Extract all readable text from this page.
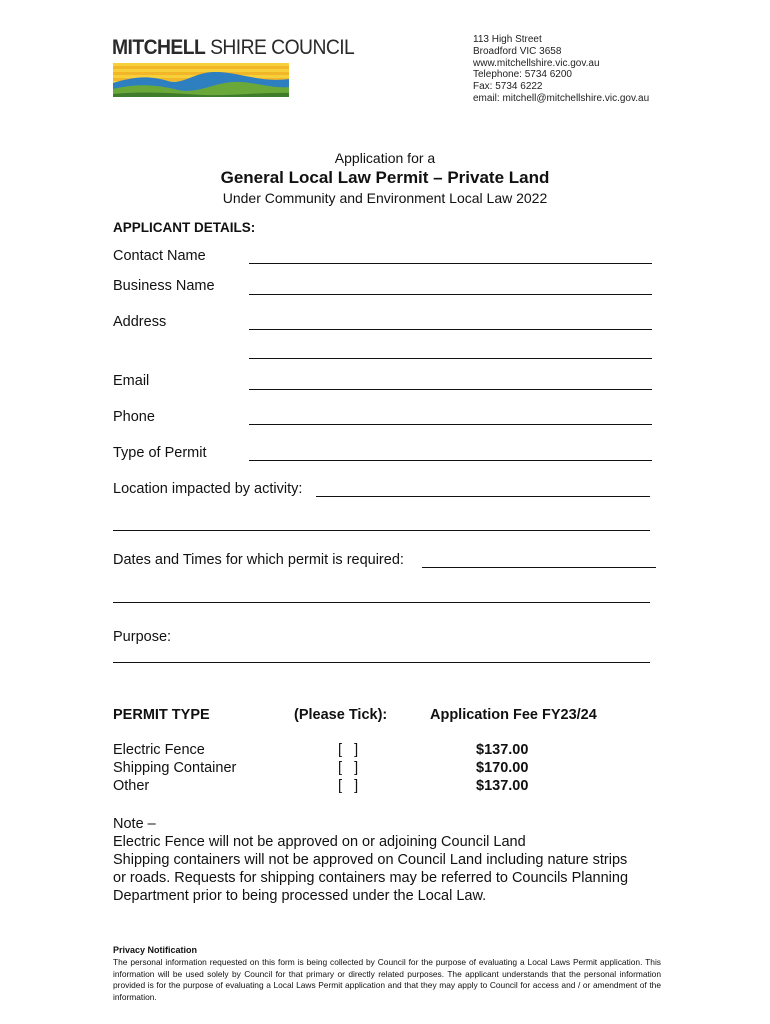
MITCHELL SHIRE COUNCIL	113 High Street
Broadford VIC 3658
www.mitchellshire.vic.gov.au
Telephone: 5734 6200
Fax: 5734 6222
email: mitchell@mitchellshire.vic.gov.au
Application for a
General Local Law Permit – Private Land
Under Community and Environment Local Law 2022
APPLICANT DETAILS:
Contact Name
Business Name
Address
Email
Phone
Type of Permit
Location impacted by activity:
Dates and Times for which permit is required:
Purpose:
PERMIT TYPE	(Please Tick):	Application Fee FY23/24
Electric Fence	[   ]	$137.00
Shipping Container	[   ]	$170.00
Other	[   ]	$137.00
Note –
Electric Fence will not be approved on or adjoining Council Land
Shipping containers will not be approved on Council Land including nature strips
or roads. Requests for shipping containers may be referred to Councils Planning
Department prior to being processed under the Local Law.
Privacy Notification
The personal information requested on this form is being collected by Council for the purpose of evaluating a Local Laws Permit application. This information will be used solely by Council for that primary or directly related purposes. The applicant understands that the personal information provided is for the purpose of evaluating a Local Laws Permit application and that they may apply to Council for access and / or amendment of the information.
